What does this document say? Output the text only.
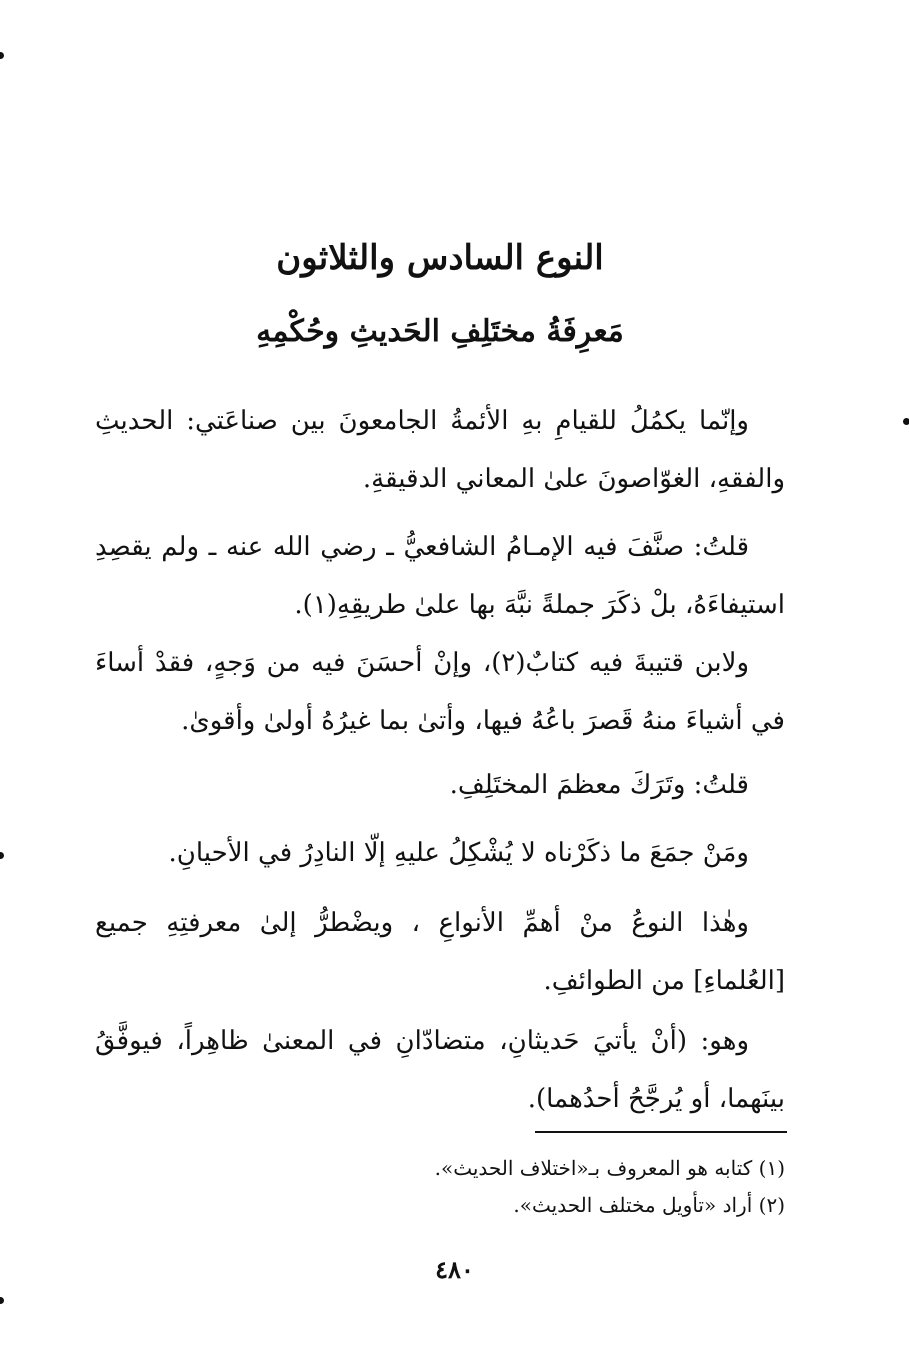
النوع السادس والثلاثون
مَعرِفَةُ مختَلِفِ الحَديثِ وحُكْمِهِ

وإنّما يكمُلُ للقيامِ بهِ الأئمةُ الجامعونَ بين صناعَتي: الحديثِ والفقهِ، الغوّاصونَ علىٰ المعاني الدقيقةِ.

قلتُ: صنَّفَ فيه الإمـامُ الشافعيُّ ـ رضي الله عنه ـ ولم يقصِدِ استيفاءَهُ، بلْ ذكَرَ جملةً نبَّهَ بها علىٰ طريقِهِ(١).

ولابن قتيبةَ فيه كتابٌ(٢)، وإنْ أحسَنَ فيه من وَجهٍ، فقدْ أساءَ في أشياءَ منهُ قَصرَ باعُهُ فيها، وأتىٰ بما غيرُهُ أولىٰ وأقوىٰ.

قلتُ: وتَرَكَ معظمَ المختَلِفِ.

ومَنْ جمَعَ ما ذكَرْناه لا يُشْكِلُ عليهِ إلّا النادِرُ في الأحيانِ.

وهٰذا النوعُ منْ أهمِّ الأنواعِ ، ويضْطرُّ إلىٰ معرفتِهِ جميع [العُلماءِ] من الطوائفِ.

وهو: (أنْ يأتيَ حَديثانِ، متضادّانِ في المعنىٰ ظاهِراً، فيوفَّقُ بينَهما، أو يُرجَّحُ أحدُهما).

(١) كتابه هو المعروف بـ«اختلاف الحديث».

(٢) أراد «تأويل مختلف الحديث».

٤٨٠
